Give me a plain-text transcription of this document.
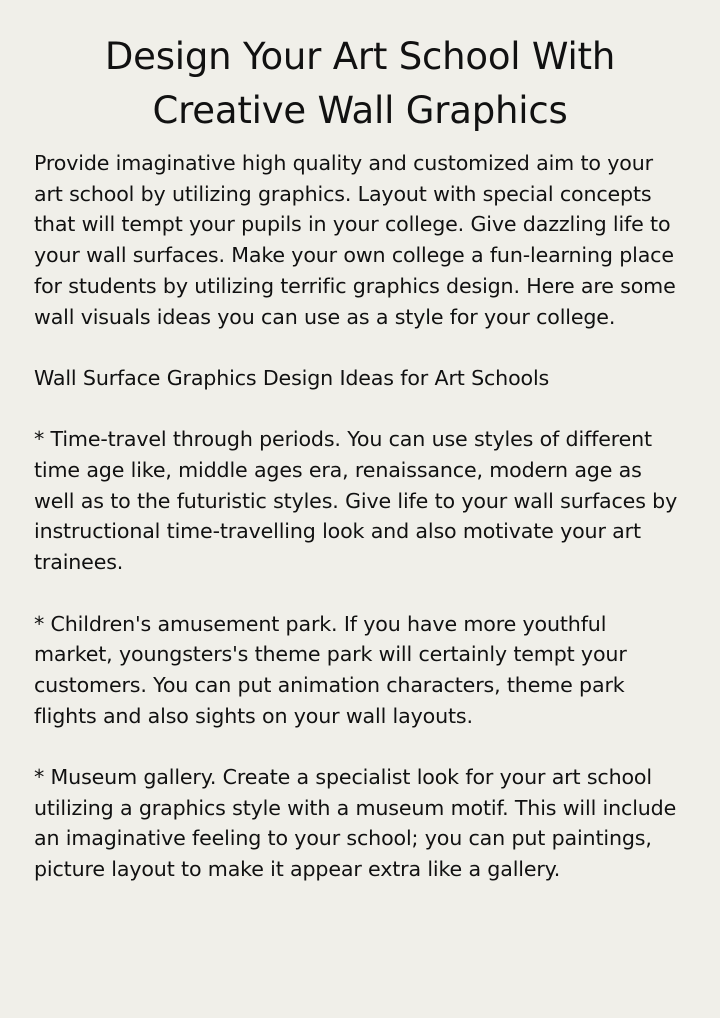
Design Your Art School With Creative Wall Graphics

Provide imaginative high quality and customized aim to your art school by utilizing graphics. Layout with special concepts that will tempt your pupils in your college. Give dazzling life to your wall surfaces. Make your own college a fun-learning place for students by utilizing terrific graphics design. Here are some wall visuals ideas you can use as a style for your college.

Wall Surface Graphics Design Ideas for Art Schools

* Time-travel through periods. You can use styles of different time age like, middle ages era, renaissance, modern age as well as to the futuristic styles. Give life to your wall surfaces by instructional time-travelling look and also motivate your art trainees.

* Children's amusement park. If you have more youthful market, youngsters's theme park will certainly tempt your customers. You can put animation characters, theme park flights and also sights on your wall layouts.

* Museum gallery. Create a specialist look for your art school utilizing a graphics style with a museum motif. This will include an imaginative feeling to your school; you can put paintings, picture layout to make it appear extra like a gallery.
